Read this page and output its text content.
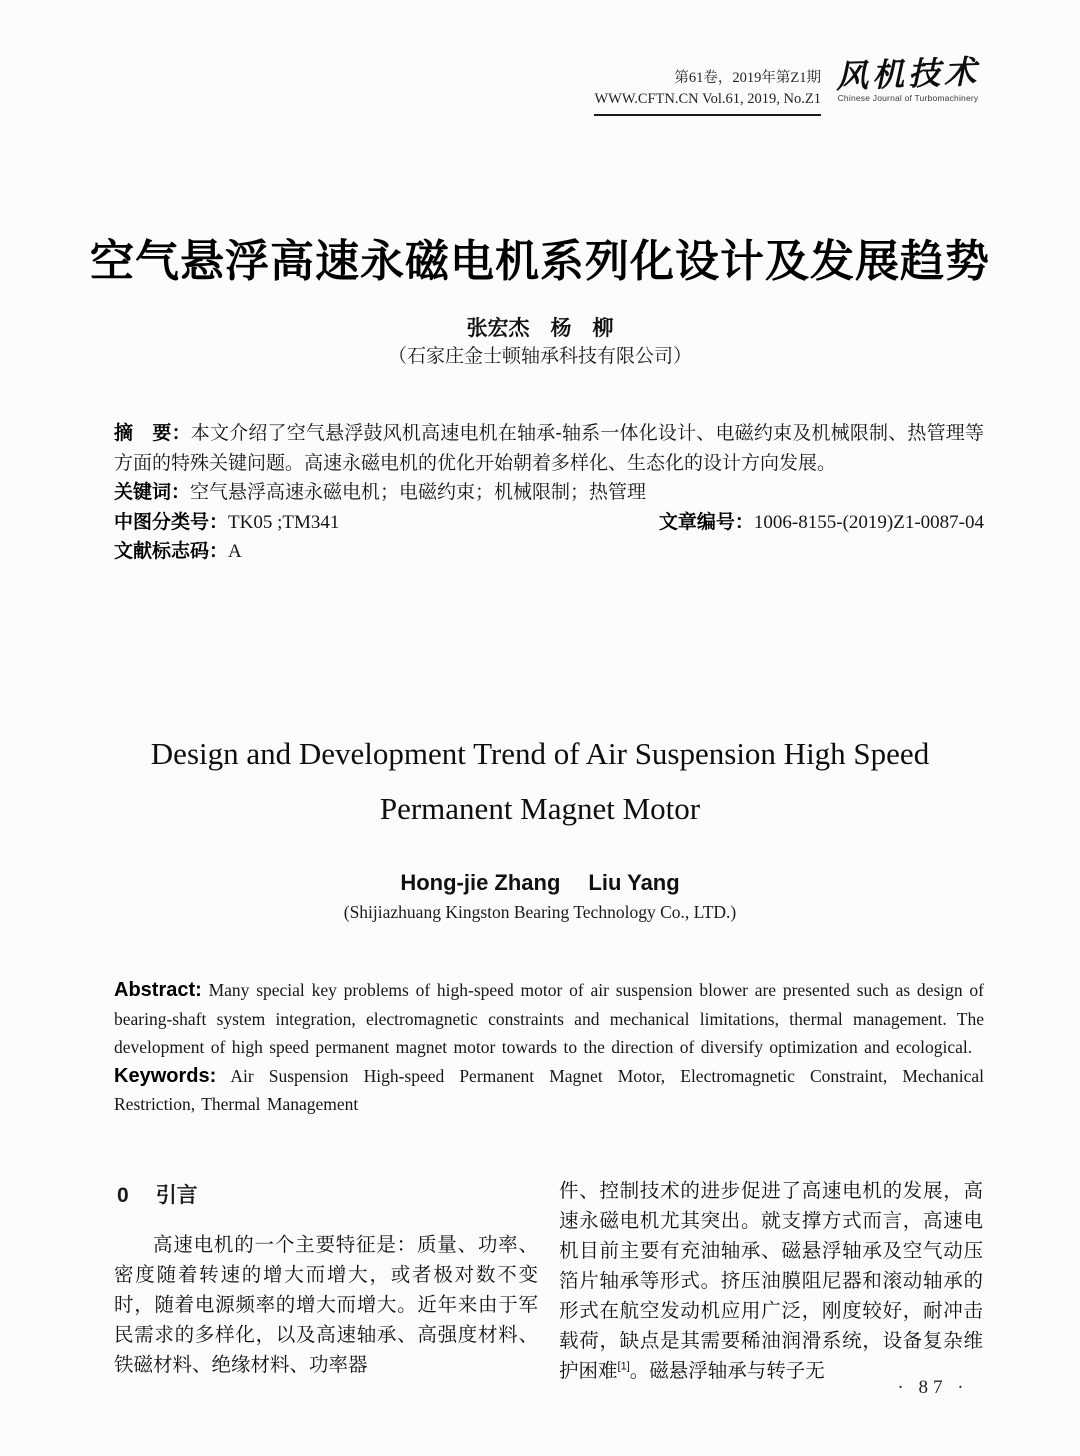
第61卷，2019年第Z1期
WWW.CFTN.CN Vol.61, 2019, No.Z1
风机技术
Chinese Journal of Turbomachinery
空气悬浮高速永磁电机系列化设计及发展趋势
张宏杰　杨　柳
（石家庄金士顿轴承科技有限公司）

摘　要：本文介绍了空气悬浮鼓风机高速电机在轴承-轴系一体化设计、电磁约束及机械限制、热管理等方面的特殊关键问题。高速永磁电机的优化开始朝着多样化、生态化的设计方向发展。

关键词：空气悬浮高速永磁电机；电磁约束；机械限制；热管理

中图分类号：TK05 ;TM341	文章编号：1006-8155-(2019)Z1-0087-04

文献标志码：A

Design and Development Trend of Air Suspension High Speed Permanent Magnet Motor
Hong-jie Zhang Liu Yang
(Shijiazhuang Kingston Bearing Technology Co., LTD.)

Abstract: Many special key problems of high-speed motor of air suspension blower are presented such as design of bearing-shaft system integration, electromagnetic constraints and mechanical limitations, thermal management. The development of high speed permanent magnet motor towards to the direction of diversify optimization and ecological.

Keywords: Air Suspension High-speed Permanent Magnet Motor, Electromagnetic Constraint, Mechanical Restriction, Thermal Management

0 引言

高速电机的一个主要特征是：质量、功率、密度随着转速的增大而增大，或者极对数不变时，随着电源频率的增大而增大。近年来由于军民需求的多样化，以及高速轴承、高强度材料、铁磁材料、绝缘材料、功率器

件、控制技术的进步促进了高速电机的发展，高速永磁电机尤其突出。就支撑方式而言，高速电机目前主要有充油轴承、磁悬浮轴承及空气动压箔片轴承等形式。挤压油膜阻尼器和滚动轴承的形式在航空发动机应用广泛，刚度较好，耐冲击载荷，缺点是其需要稀油润滑系统，设备复杂维护困难[1]。磁悬浮轴承与转子无

· 87 ·
